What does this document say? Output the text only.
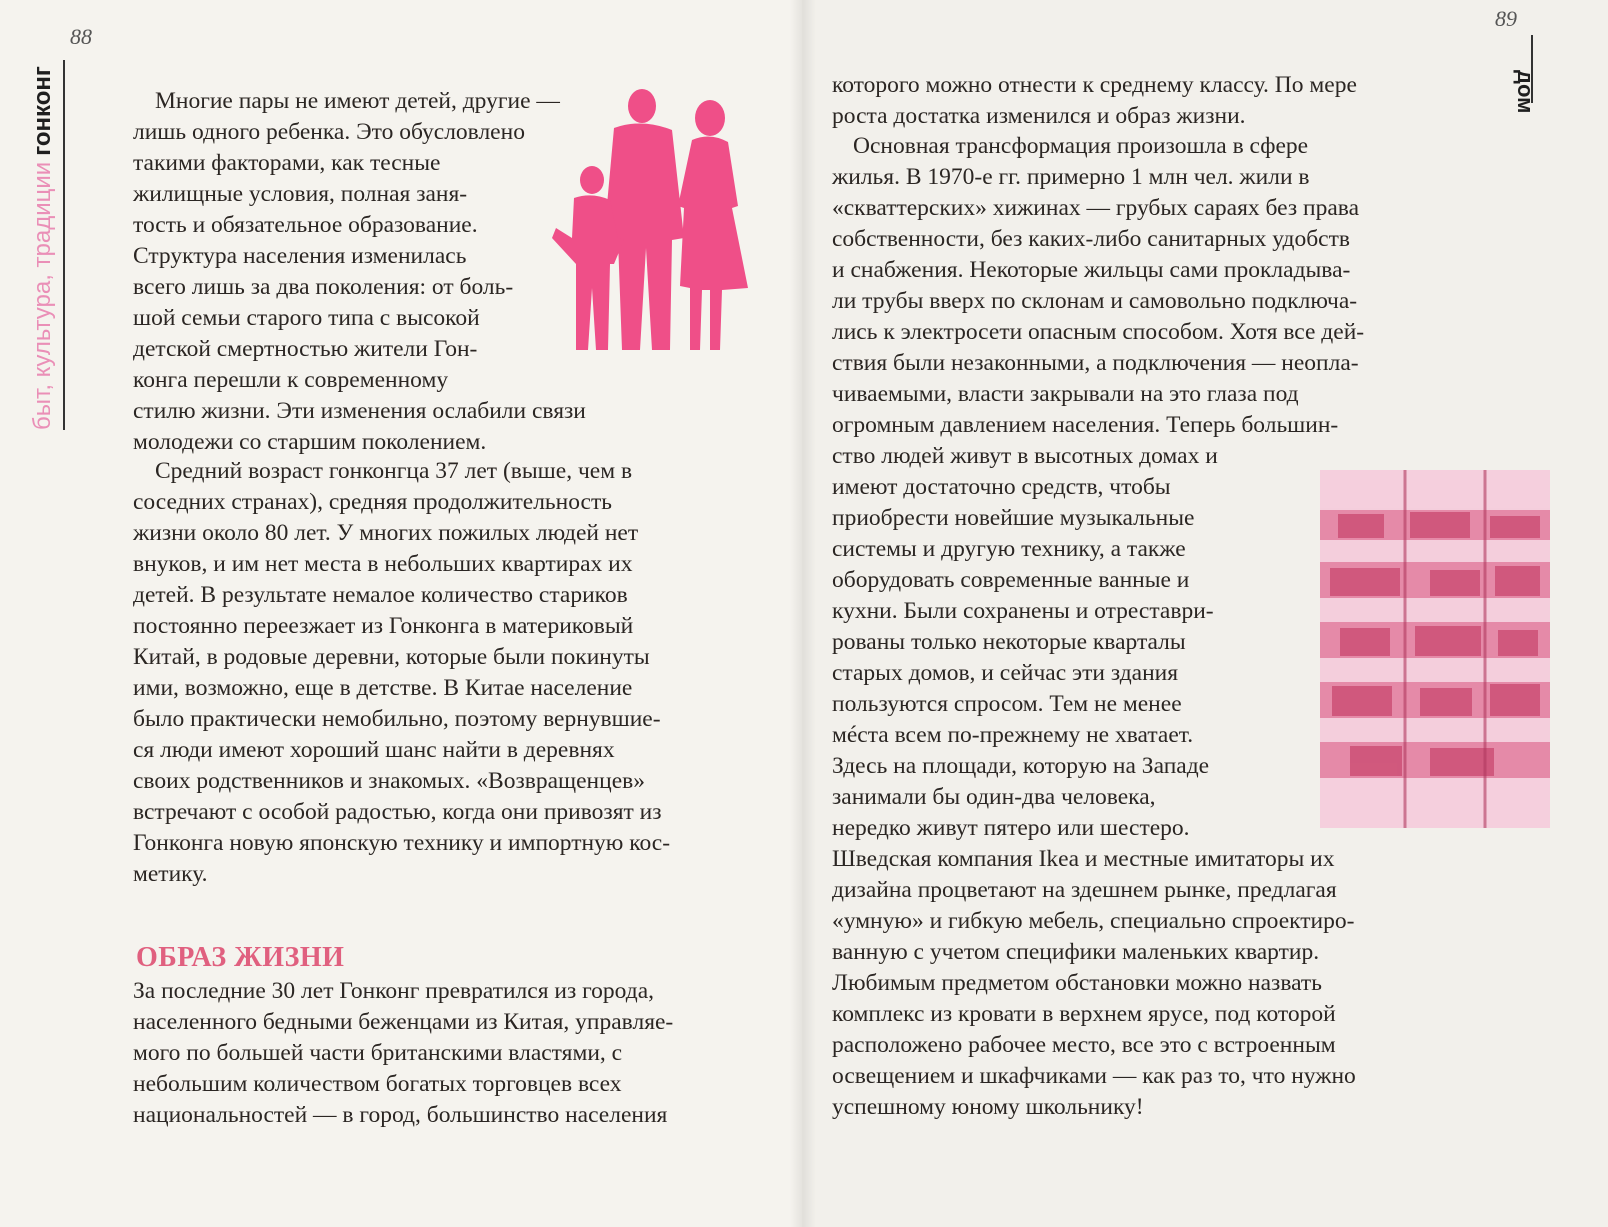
88
быт, культура, традициигонконг
89
дом
Многие пары не имеют детей, другие —
лишь одного ребенка. Это обусловлено
такими факторами, как тесные
жилищные условия, полная заня-
тость и обязательное образование.
Структура населения изменилась
всего лишь за два поколения: от боль-
шой семьи старого типа с высокой
детской смертностью жители Гон-
конга перешли к современному
стилю жизни. Эти изменения ослабили связи
молодежи со старшим поколением.
Средний возраст гонконгца 37 лет (выше, чем в
соседних странах), средняя продолжительность
жизни около 80 лет. У многих пожилых людей нет
внуков, и им нет места в небольших квартирах их
детей. В результате немалое количество стариков
постоянно переезжает из Гонконга в материковый
Китай, в родовые деревни, которые были покинуты
ими, возможно, еще в детстве. В Китае население
было практически немобильно, поэтому вернувшие-
ся люди имеют хороший шанс найти в деревнях
своих родственников и знакомых. «Возвращенцев»
встречают с особой радостью, когда они привозят из
Гонконга новую японскую технику и импортную кос-
метику.
ОБРАЗ ЖИЗНИ
За последние 30 лет Гонконг превратился из города,
населенного бедными беженцами из Китая, управляе-
мого по большей части британскими властями, с
небольшим количеством богатых торговцев всех
национальностей — в город, большинство населения
которого можно отнести к среднему классу. По мере
роста достатка изменился и образ жизни.
Основная трансформация произошла в сфере
жилья. В 1970-е гг. примерно 1 млн чел. жили в
«скваттерских» хижинах — грубых сараях без права
собственности, без каких-либо санитарных удобств
и снабжения. Некоторые жильцы сами прокладыва-
ли трубы вверх по склонам и самовольно подключа-
лись к электросети опасным способом. Хотя все дей-
ствия были незаконными, а подключения — неопла-
чиваемыми, власти закрывали на это глаза под
огромным давлением населения. Теперь большин-
ство людей живут в высотных домах и
имеют достаточно средств, чтобы
приобрести новейшие музыкальные
системы и другую технику, а также
оборудовать современные ванные и
кухни. Были сохранены и отреставри-
рованы только некоторые кварталы
старых домов, и сейчас эти здания
пользуются спросом. Тем не менее
мéста всем по-прежнему не хватает.
Здесь на площади, которую на Западе
занимали бы один-два человека,
нередко живут пятеро или шестеро.
Шведская компания Ikea и местные имитаторы их
дизайна процветают на здешнем рынке, предлагая
«умную» и гибкую мебель, специально спроектиро-
ванную с учетом специфики маленьких квартир.
Любимым предметом обстановки можно назвать
комплекс из кровати в верхнем ярусе, под которой
расположено рабочее место, все это с встроенным
освещением и шкафчиками — как раз то, что нужно
успешному юному школьнику!
